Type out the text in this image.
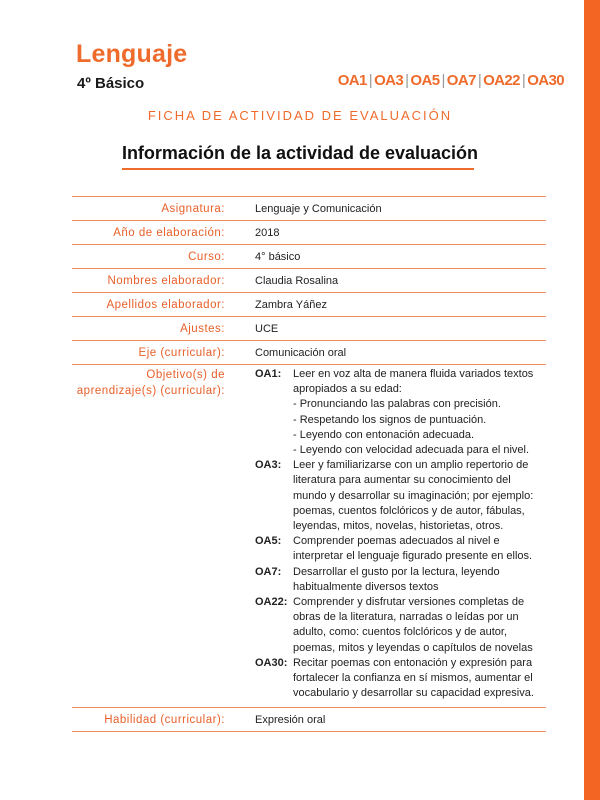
Lenguaje
4º Básico	OA1 | OA3 | OA5 | OA7 | OA22 | OA30
FICHA DE ACTIVIDAD DE EVALUACIÓN
Información de la actividad de evaluación
Asignatura:	Lenguaje y Comunicación
Año de elaboración:	2018
Curso:	4° básico
Nombres elaborador:	Claudia Rosalina
Apellidos elaborador:	Zambra Yáñez
Ajustes:	UCE
Eje (curricular):	Comunicación oral
Objetivo(s) de aprendizaje(s) (curricular):
OA1:	Leer en voz alta de manera fluida variados textos apropiados a su edad:
- Pronunciando las palabras con precisión.
- Respetando los signos de puntuación.
- Leyendo con entonación adecuada.
- Leyendo con velocidad adecuada para el nivel.
OA3:	Leer y familiarizarse con un amplio repertorio de literatura para aumentar su conocimiento del mundo y desarrollar su imaginación; por ejemplo: poemas, cuentos folclóricos y de autor, fábulas, leyendas, mitos, novelas, historietas, otros.
OA5:	Comprender poemas adecuados al nivel e interpretar el lenguaje figurado presente en ellos.
OA7:	Desarrollar el gusto por la lectura, leyendo habitualmente diversos textos
OA22: Comprender y disfrutar versiones completas de obras de la literatura, narradas o leídas por un adulto, como: cuentos folclóricos y de autor, poemas, mitos y leyendas o capítulos de novelas
OA30: Recitar poemas con entonación y expresión para fortalecer la confianza en sí mismos, aumentar el vocabulario y desarrollar su capacidad expresiva.
Habilidad (curricular):	Expresión oral
